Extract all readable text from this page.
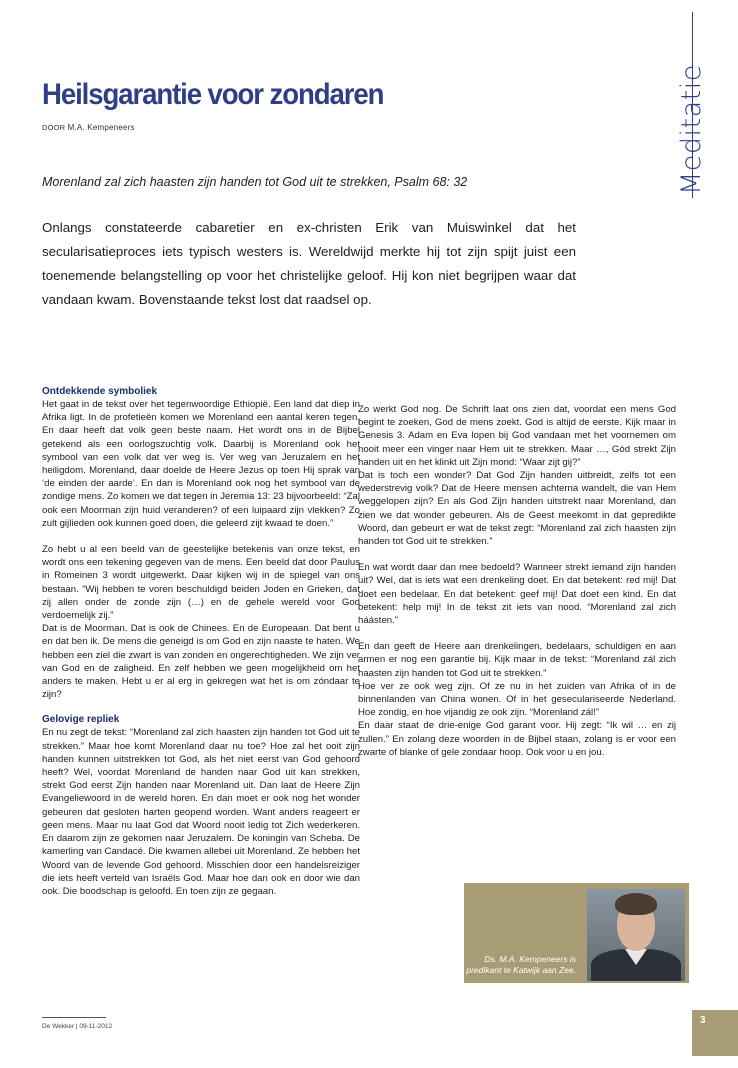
Meditatie
Heilsgarantie voor zondaren
DOOR M.A. Kempeneers

Morenland zal zich haasten zijn handen tot God uit te strekken, Psalm 68: 32

Onlangs constateerde cabaretier en ex-christen Erik van Muiswinkel dat het secularisatieproces iets typisch westers is. Wereldwijd merkte hij tot zijn spijt juist een toenemende belangstelling op voor het christelijke geloof. Hij kon niet begrijpen waar dat vandaan kwam. Bovenstaande tekst lost dat raadsel op.

Ontdekkende symboliek

Het gaat in de tekst over het tegenwoordige Ethiopië. Een land dat diep in Afrika ligt. In de profetieën komen we Morenland een aantal keren tegen. En daar heeft dat volk geen beste naam. Het wordt ons in de Bijbel getekend als een oorlogszuchtig volk. Daarbij is Morenland ook het symbool van een volk dat ver weg is. Ver weg van Jeruzalem en het heiligdom. Morenland, daar doelde de Heere Jezus op toen Hij sprak van ‘de einden der aarde’. En dan is Morenland ook nog het symbool van de zondige mens. Zo komen we dat tegen in Jeremia 13: 23 bijvoorbeeld: “Zal ook een Moorman zijn huid veranderen? of een luipaard zijn vlekken? Zo zult gijlieden ook kunnen goed doen, die geleerd zijt kwaad te doen.”

Zo hebt u al een beeld van de geestelijke betekenis van onze tekst, en wordt ons een tekening gegeven van de mens. Een beeld dat door Paulus in Romeinen 3 wordt uitgewerkt. Daar kijken wij in de spiegel van ons bestaan. “Wij hebben te voren beschuldigd beiden Joden en Grieken, dat zij allen onder de zonde zijn (…) en de gehele wereld voor God verdoemelijk zij.”

Dat is de Moorman. Dat is ook de Chinees. En de Europeaan. Dat bent u en dat ben ik. De mens die geneigd is om God en zijn naaste te haten. We hebben een ziel die zwart is van zonden en ongerechtigheden. We zijn ver van God en de zaligheid. En zelf hebben we geen mogelijkheid om het anders te maken. Hebt u er al erg in gekregen wat het is om zóndaar te zijn?

Gelovige repliek

En nu zegt de tekst: “Morenland zal zich haasten zijn handen tot God uit te strekken.” Maar hoe komt Morenland daar nu toe? Hoe zal het ooit zijn handen kunnen uitstrekken tot God, als het niet eerst van God gehoord heeft? Wel, voordat Morenland de handen naar God uit kan strekken, strekt God eerst Zijn handen naar Morenland uit. Dan laat de Heere Zijn Evangeliewoord in de wereld horen. En dan moet er ook nog het wonder gebeuren dat gesloten harten geopend worden. Want anders reageert er geen mens. Maar nu laat God dat Woord nooit ledig tot Zich wederkeren. En daarom zijn ze gekomen naar Jeruzalem. De koningin van Scheba. De kamerling van Candacé. Die kwamen allebei uit Morenland. Ze hebben het Woord van de levende God gehoord. Misschien door een handelsreiziger die iets heeft verteld van Israëls God. Maar hoe dan ook en door wie dan ook. Die boodschap is geloofd. En toen zijn ze gegaan.

Zo werkt God nog. De Schrift laat ons zien dat, voordat een mens God begint te zoeken, God de mens zoekt. God is altijd de eerste. Kijk maar in Genesis 3. Adam en Eva lopen bij God vandaan met het voornemen om nooit meer een vinger naar Hem uit te strekken. Maar …, Gód strekt Zijn handen uit en het klinkt uit Zijn mond: “Waar zijt gij?”

Dat is toch een wonder? Dat God Zijn handen uitbreidt, zelfs tot een wederstrevig volk? Dat de Heere mensen achterna wandelt, die van Hem weggelopen zijn? En als God Zijn handen uitstrekt naar Morenland, dan zien we dat wonder gebeuren. Als de Geest meekomt in dat gepredikte Woord, dan gebeurt er wat de tekst zegt: “Morenland zal zich haasten zijn handen tot God uit te strekken.”

En wat wordt daar dan mee bedoeld? Wanneer strekt iemand zijn handen uit? Wel, dat is iets wat een drenkeling doet. En dat betekent: red mij! Dat doet een bedelaar. En dat betekent: geef mij! Dat doet een kind. En dat betekent: help mij! In de tekst zit iets van nood. “Morenland zal zich háásten.”

En dan geeft de Heere aan drenkelingen, bedelaars, schuldigen en aan armen er nog een garantie bij. Kijk maar in de tekst: “Morenland zál zich haasten zijn handen tot God uit te strekken.”

Hoe ver ze ook weg zijn. Of ze nu in het zuiden van Afrika of in de binnenlanden van China wonen. Of in het geseculariseerde Nederland. Hoe zondig, en hoe vijandig ze ook zijn. “Morenland zál!”

En daar staat de drie-enige God garant voor. Hij zegt: “Ik wil … en zij zullen.” En zolang deze woorden in de Bijbel staan, zolang is er voor een zwarte of blanke of gele zondaar hoop. Ook voor u en jou.

Ds. M.A. Kempeneers is predikant te Katwijk aan Zee.
De Wekker | 09-11-2012
3
